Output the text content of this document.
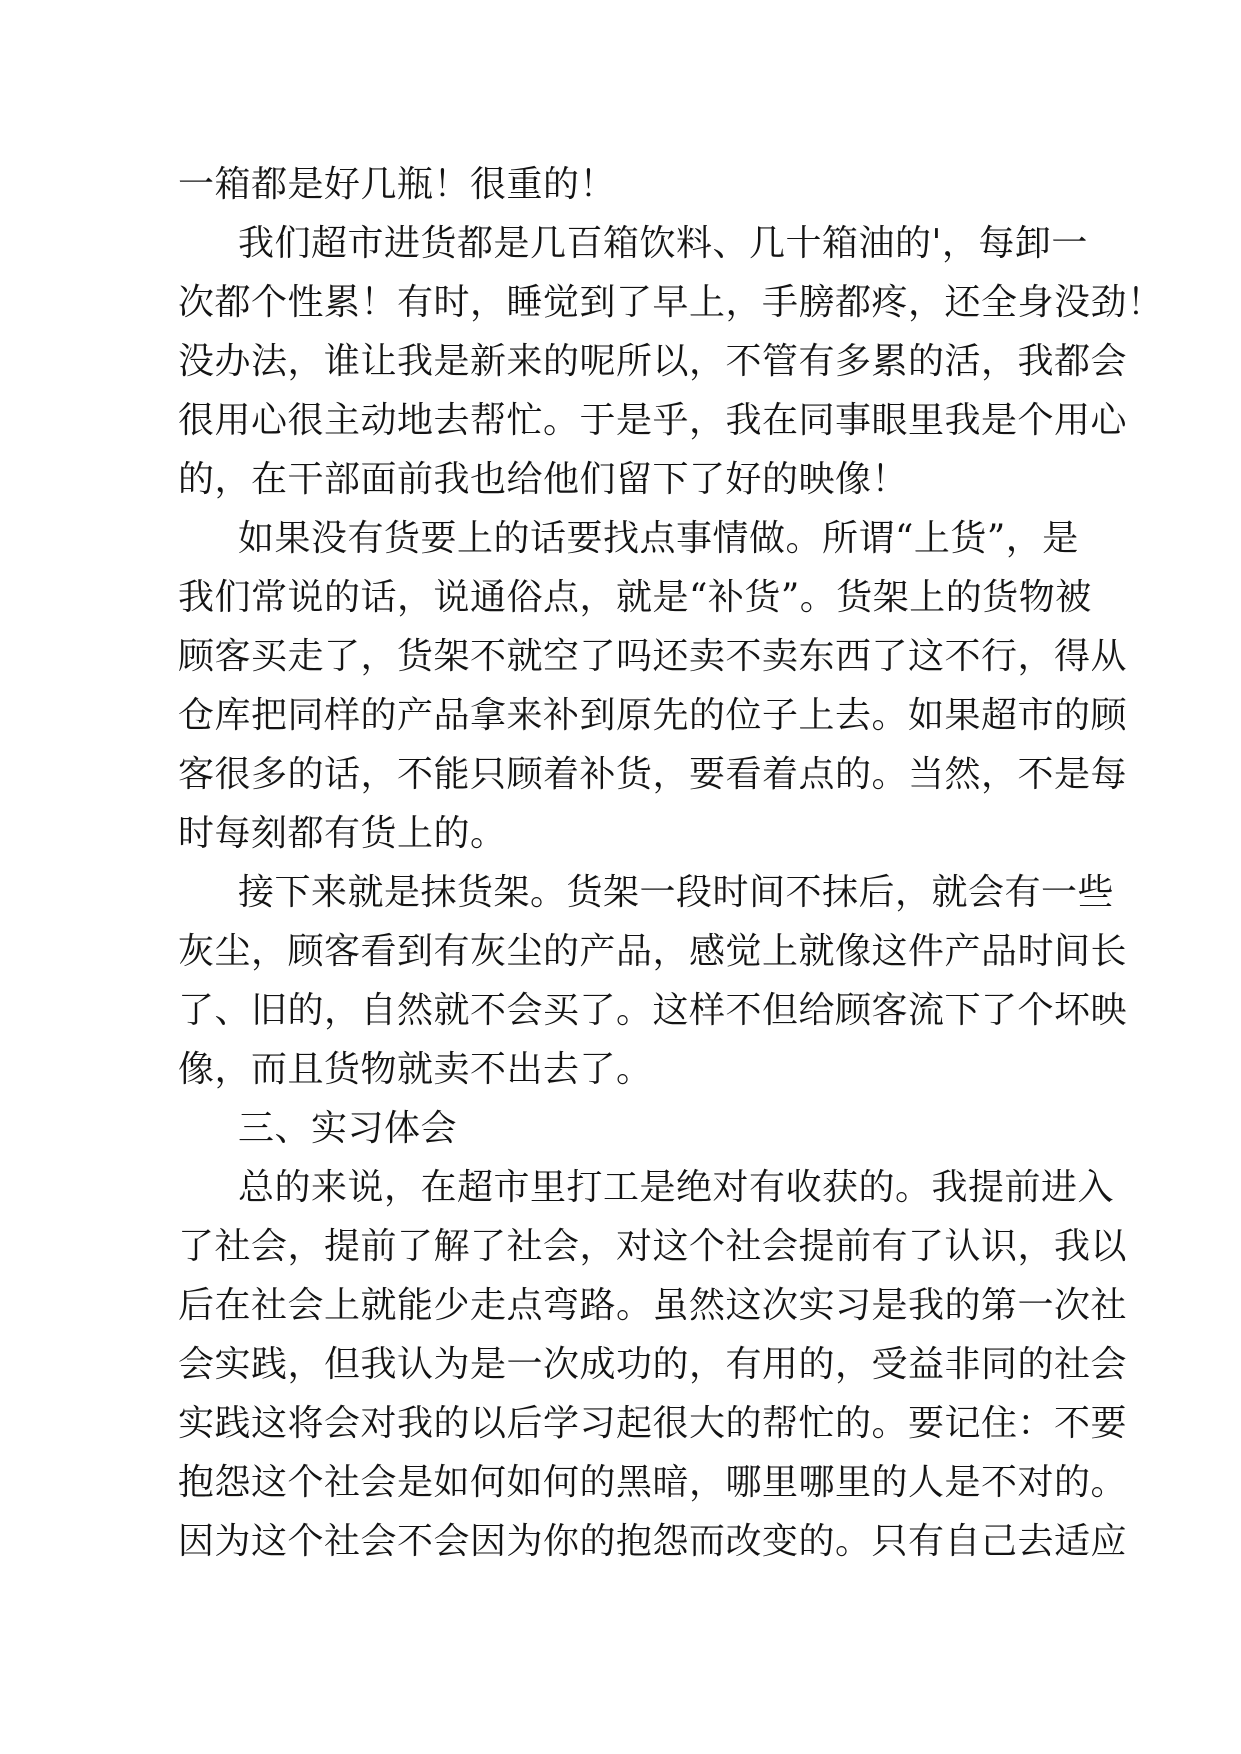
一箱都是好几瓶！很重的！
我们超市进货都是几百箱饮料、几十箱油的'，每卸一
次都个性累！有时，睡觉到了早上，手膀都疼，还全身没劲！
没办法，谁让我是新来的呢所以，不管有多累的活，我都会
很用心很主动地去帮忙。于是乎，我在同事眼里我是个用心
的，在干部面前我也给他们留下了好的映像！
如果没有货要上的话要找点事情做。所谓“上货”，是
我们常说的话，说通俗点，就是“补货”。货架上的货物被
顾客买走了，货架不就空了吗还卖不卖东西了这不行，得从
仓库把同样的产品拿来补到原先的位子上去。如果超市的顾
客很多的话，不能只顾着补货，要看着点的。当然，不是每
时每刻都有货上的。
接下来就是抹货架。货架一段时间不抹后，就会有一些
灰尘，顾客看到有灰尘的产品，感觉上就像这件产品时间长
了、旧的，自然就不会买了。这样不但给顾客流下了个坏映
像，而且货物就卖不出去了。
三、实习体会
总的来说，在超市里打工是绝对有收获的。我提前进入
了社会，提前了解了社会，对这个社会提前有了认识，我以
后在社会上就能少走点弯路。虽然这次实习是我的第一次社
会实践，但我认为是一次成功的，有用的，受益非同的社会
实践这将会对我的以后学习起很大的帮忙的。要记住：不要
抱怨这个社会是如何如何的黑暗，哪里哪里的人是不对的。
因为这个社会不会因为你的抱怨而改变的。只有自己去适应
